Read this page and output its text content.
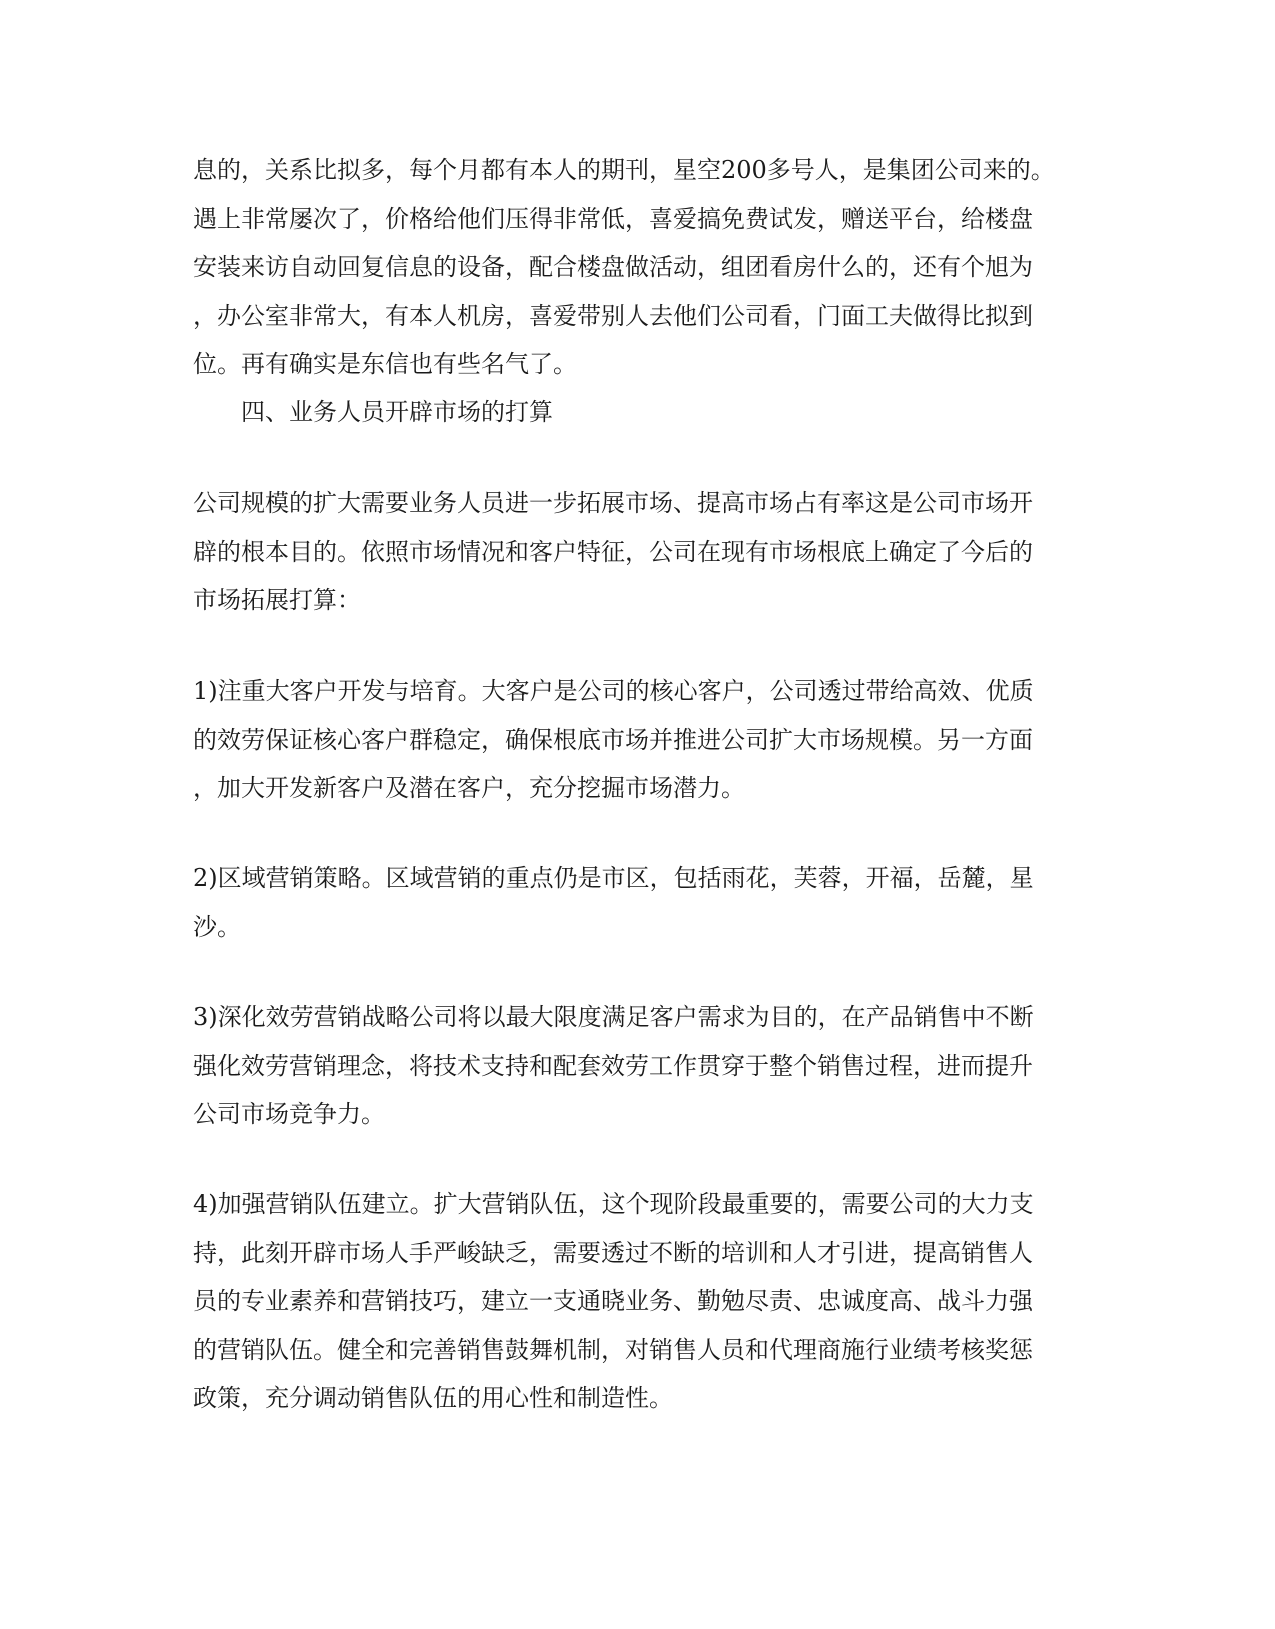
息的，关系比拟多，每个月都有本人的期刊，星空200多号人，是集团公司来的。
遇上非常屡次了，价格给他们压得非常低，喜爱搞免费试发，赠送平台，给楼盘
安装来访自动回复信息的设备，配合楼盘做活动，组团看房什么的，还有个旭为
，办公室非常大，有本人机房，喜爱带别人去他们公司看，门面工夫做得比拟到
位。再有确实是东信也有些名气了。
四、业务人员开辟市场的打算
公司规模的扩大需要业务人员进一步拓展市场、提高市场占有率这是公司市场开
辟的根本目的。依照市场情况和客户特征，公司在现有市场根底上确定了今后的
市场拓展打算：
1)注重大客户开发与培育。大客户是公司的核心客户，公司透过带给高效、优质
的效劳保证核心客户群稳定，确保根底市场并推进公司扩大市场规模。另一方面
，加大开发新客户及潜在客户，充分挖掘市场潜力。
2)区域营销策略。区域营销的重点仍是市区，包括雨花，芙蓉，开福，岳麓，星
沙。
3)深化效劳营销战略公司将以最大限度满足客户需求为目的，在产品销售中不断
强化效劳营销理念，将技术支持和配套效劳工作贯穿于整个销售过程，进而提升
公司市场竞争力。
4)加强营销队伍建立。扩大营销队伍，这个现阶段最重要的，需要公司的大力支
持，此刻开辟市场人手严峻缺乏，需要透过不断的培训和人才引进，提高销售人
员的专业素养和营销技巧，建立一支通晓业务、勤勉尽责、忠诚度高、战斗力强
的营销队伍。健全和完善销售鼓舞机制，对销售人员和代理商施行业绩考核奖惩
政策，充分调动销售队伍的用心性和制造性。
